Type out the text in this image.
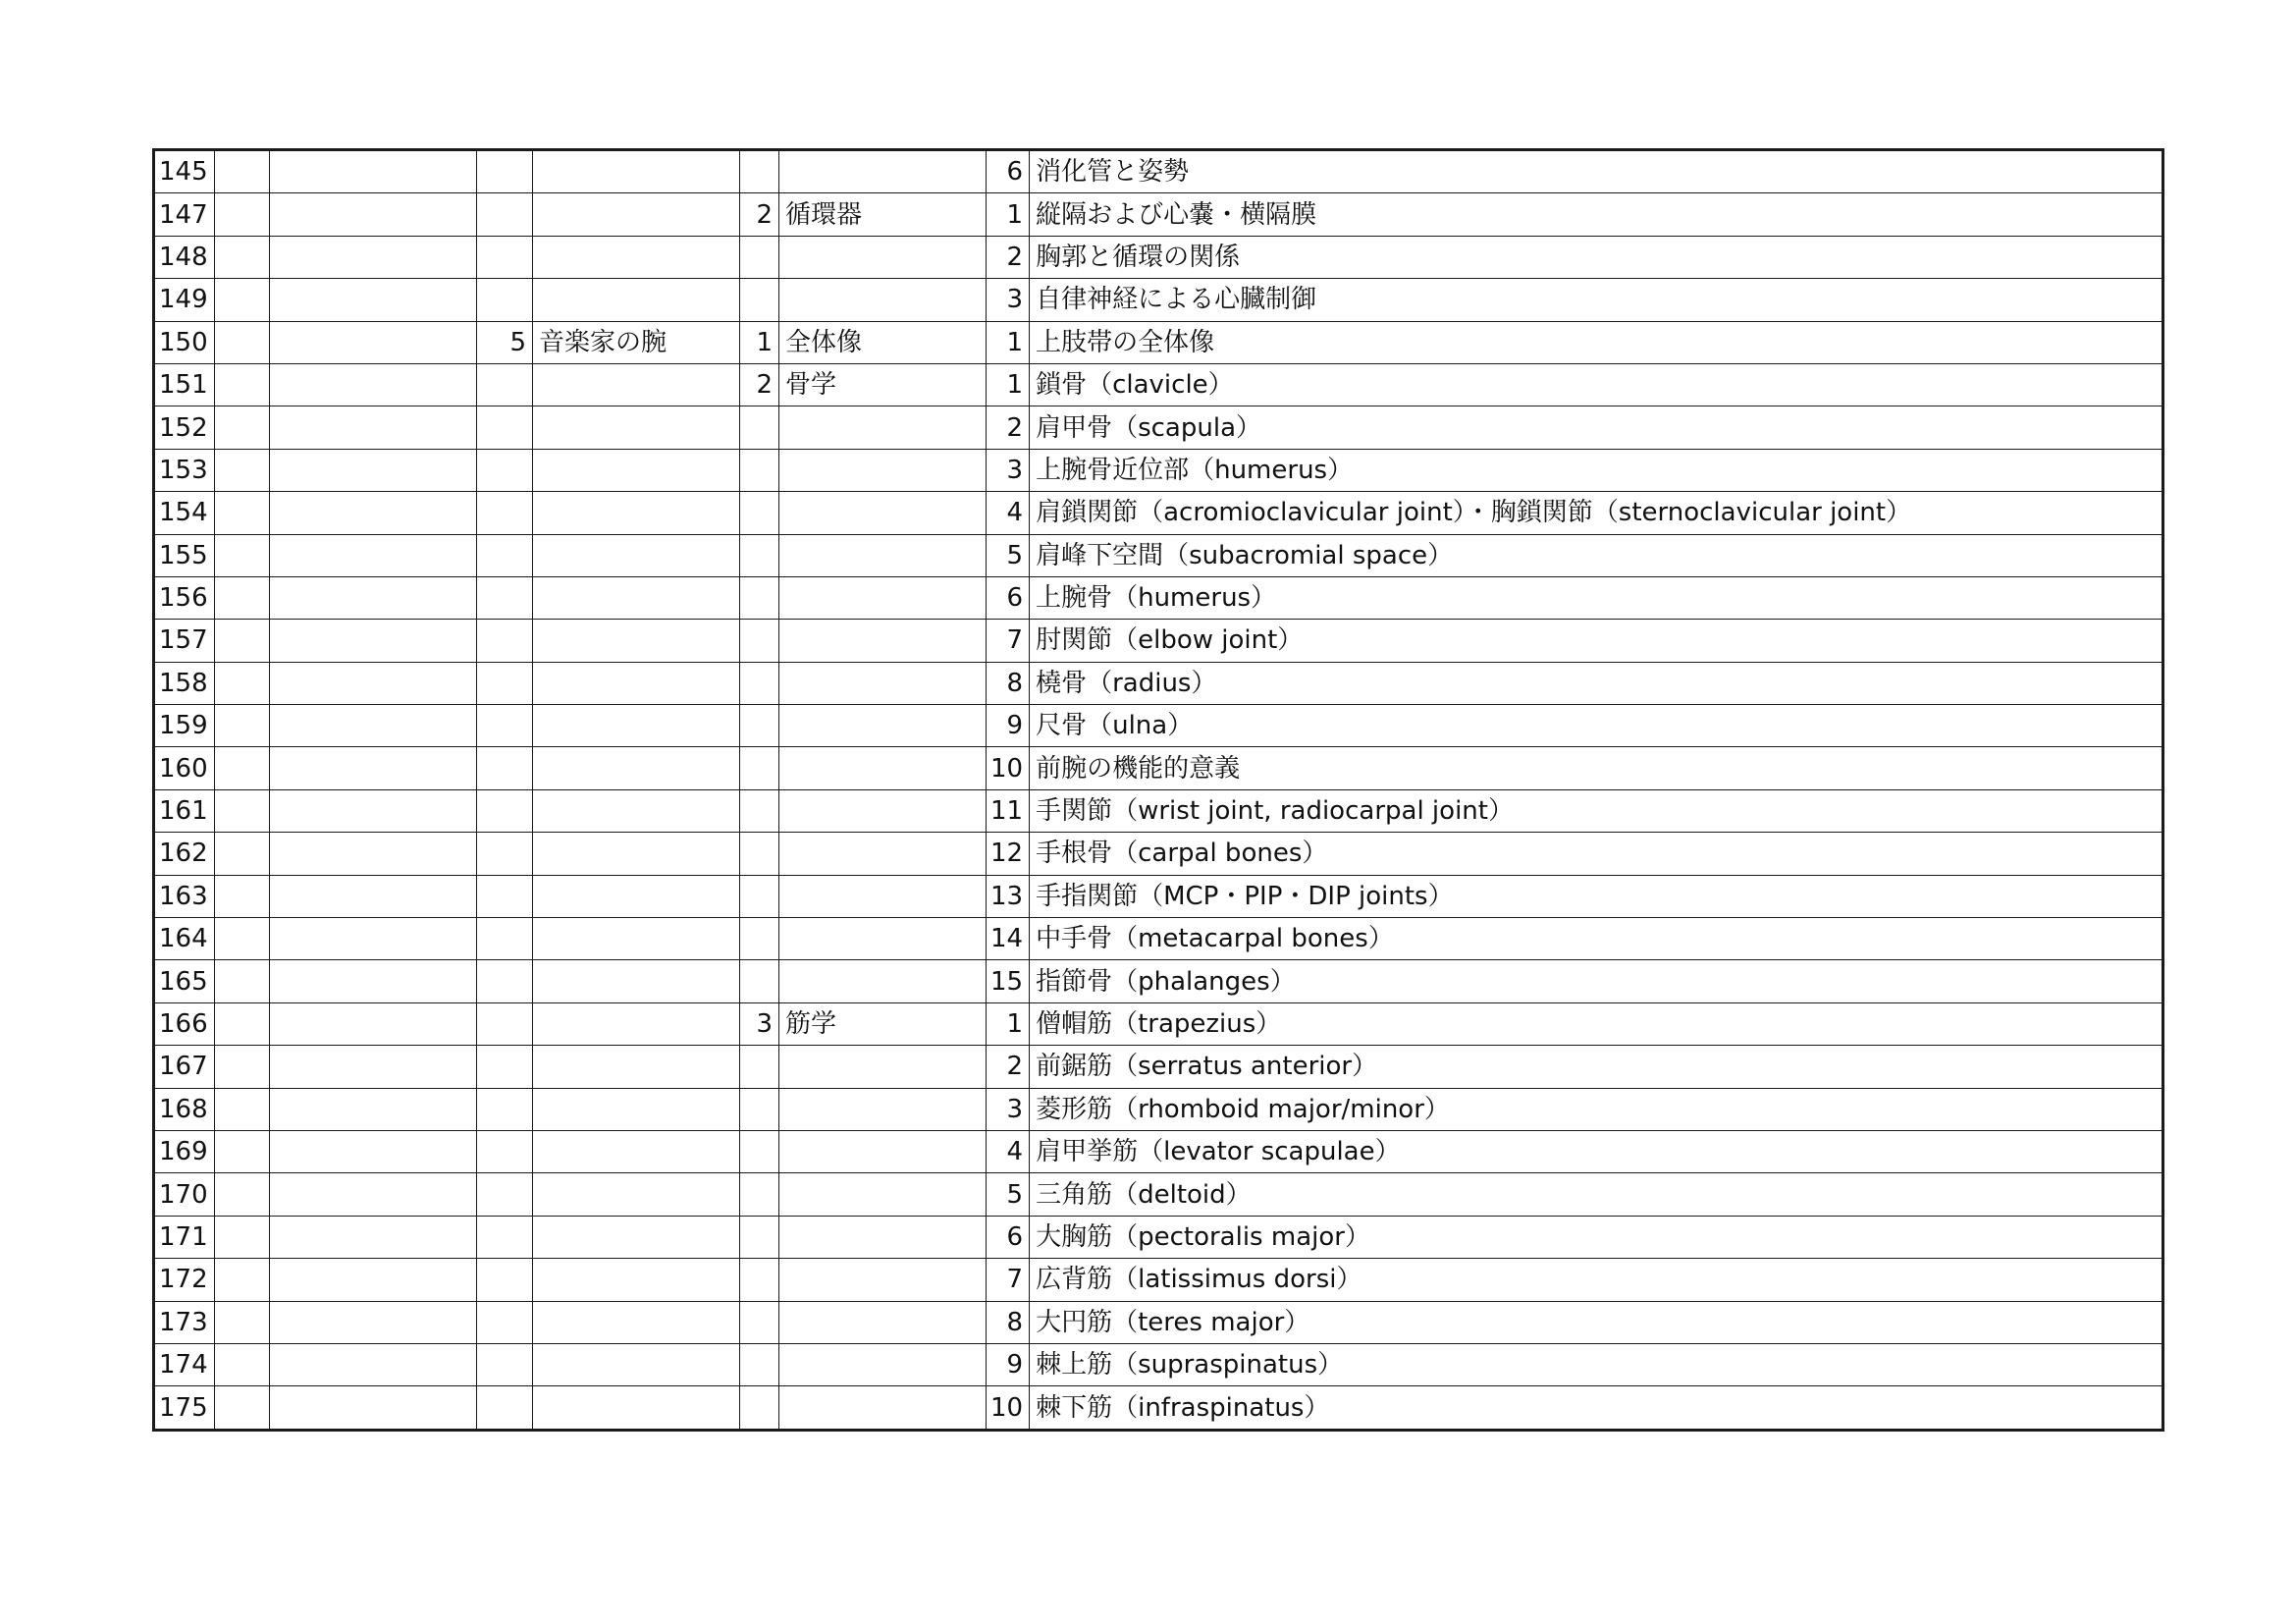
145							6	消化管と姿勢
147					2	循環器	1	縦隔および心嚢・横隔膜
148							2	胸郭と循環の関係
149							3	自律神経による心臓制御
150			5	音楽家の腕	1	全体像	1	上肢帯の全体像
151					2	骨学	1	鎖骨（clavicle）
152							2	肩甲骨（scapula）
153							3	上腕骨近位部（humerus）
154							4	肩鎖関節（acromioclavicular joint）・胸鎖関節（sternoclavicular joint）
155							5	肩峰下空間（subacromial space）
156							6	上腕骨（humerus）
157							7	肘関節（elbow joint）
158							8	橈骨（radius）
159							9	尺骨（ulna）
160							10	前腕の機能的意義
161							11	手関節（wrist joint, radiocarpal joint）
162							12	手根骨（carpal bones）
163							13	手指関節（MCP・PIP・DIP joints）
164							14	中手骨（metacarpal bones）
165							15	指節骨（phalanges）
166					3	筋学	1	僧帽筋（trapezius）
167							2	前鋸筋（serratus anterior）
168							3	菱形筋（rhomboid major/minor）
169							4	肩甲挙筋（levator scapulae）
170							5	三角筋（deltoid）
171							6	大胸筋（pectoralis major）
172							7	広背筋（latissimus dorsi）
173							8	大円筋（teres major）
174							9	棘上筋（supraspinatus）
175							10	棘下筋（infraspinatus）
